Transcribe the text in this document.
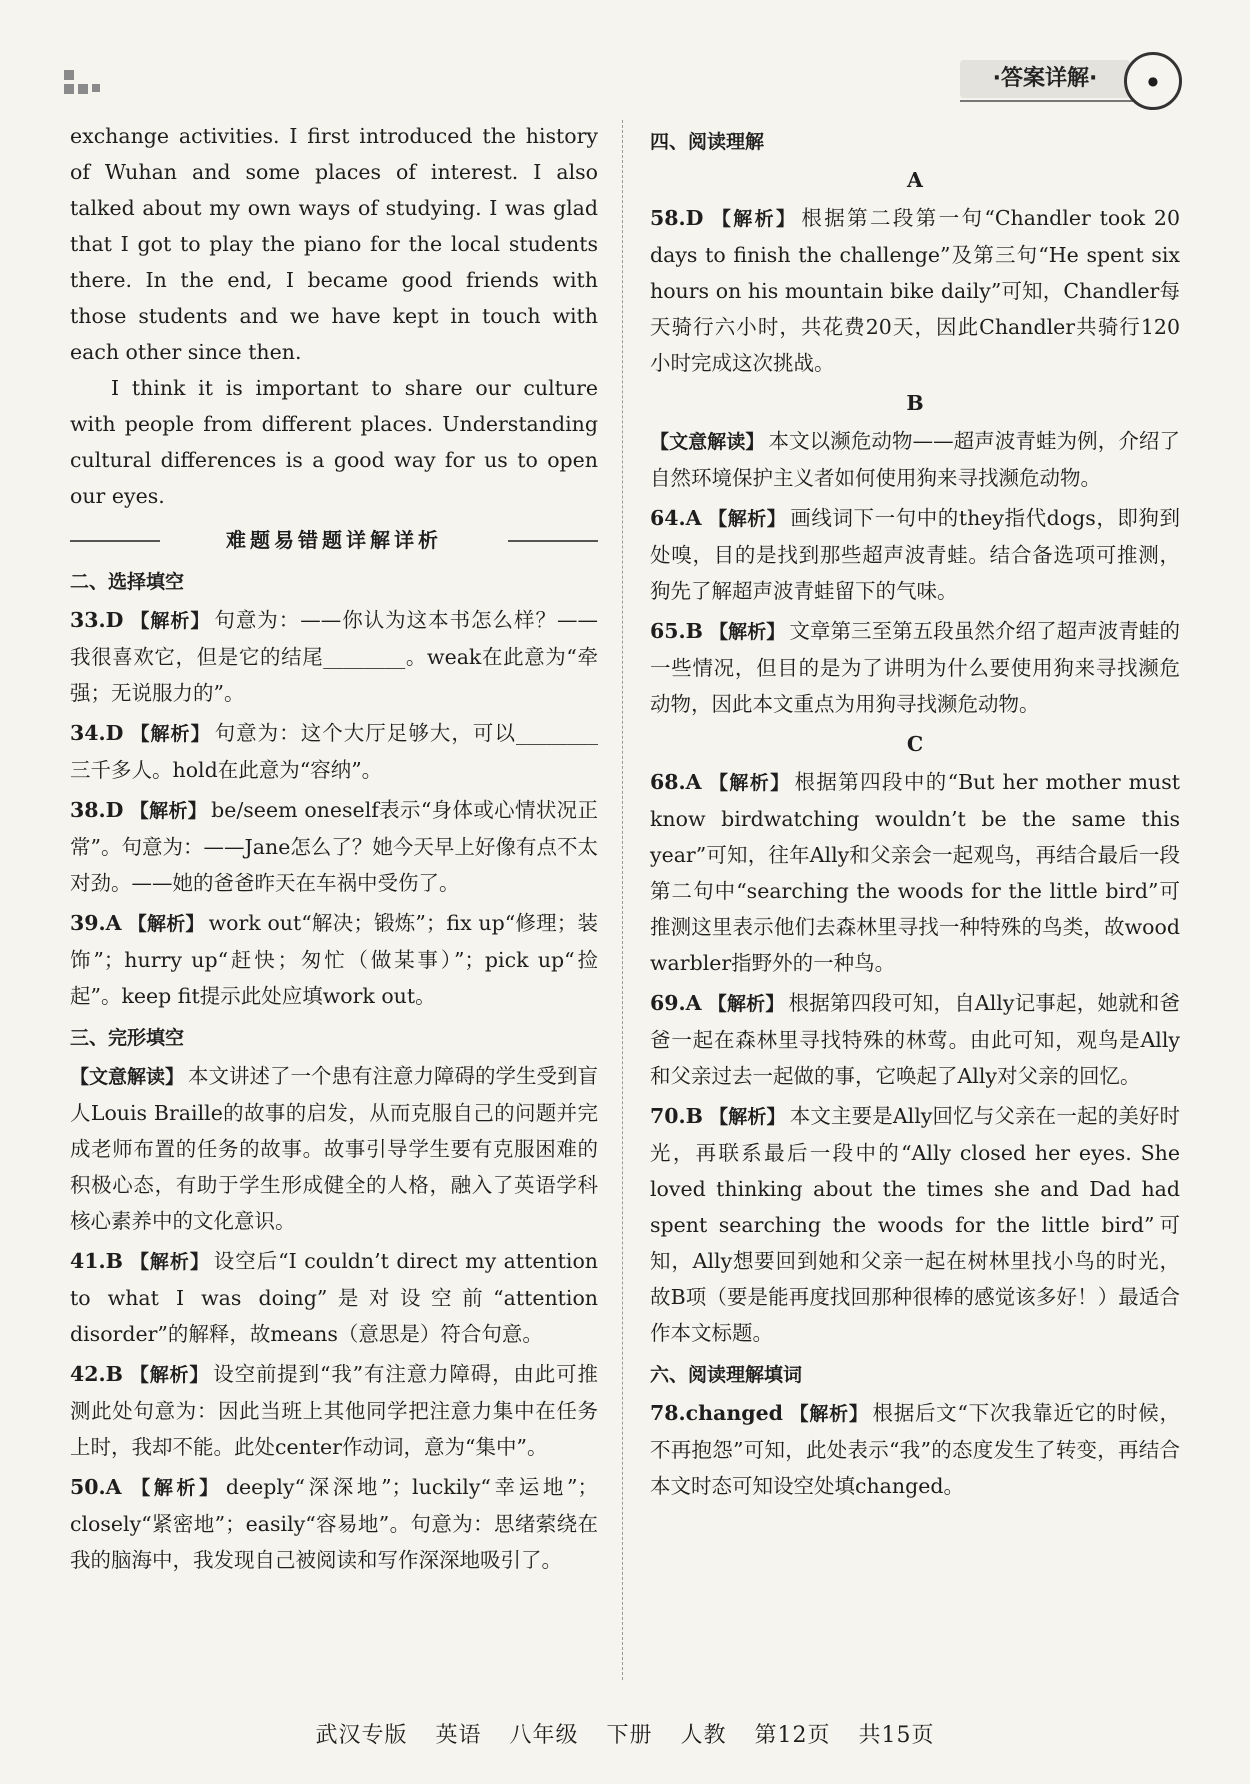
·答案详解·	●

exchange activities. I first introduced the history of Wuhan and some places of interest. I also talked about my own ways of studying. I was glad that I got to play the piano for the local students there. In the end, I became good friends with those students and we have kept in touch with each other since then.

I think it is important to share our culture with people from different places. Understanding cultural differences is a good way for us to open our eyes.

难题易错题详解详析
二、选择填空

33.D 【解析】 句意为：——你认为这本书怎么样？——我很喜欢它，但是它的结尾________。weak在此意为“牵强；无说服力的”。

34.D 【解析】 句意为：这个大厅足够大，可以________三千多人。hold在此意为“容纳”。

38.D 【解析】 be/seem oneself表示“身体或心情状况正常”。句意为：——Jane怎么了？她今天早上好像有点不太对劲。——她的爸爸昨天在车祸中受伤了。

39.A 【解析】 work out“解决；锻炼”；fix up“修理；装饰”；hurry up“赶快；匆忙（做某事）”；pick up“捡起”。keep fit提示此处应填work out。

三、完形填空

【文意解读】 本文讲述了一个患有注意力障碍的学生受到盲人Louis Braille的故事的启发，从而克服自己的问题并完成老师布置的任务的故事。故事引导学生要有克服困难的积极心态，有助于学生形成健全的人格，融入了英语学科核心素养中的文化意识。

41.B 【解析】 设空后“I couldn’t direct my attention to what I was doing”是对设空前“attention disorder”的解释，故means（意思是）符合句意。

42.B 【解析】 设空前提到“我”有注意力障碍，由此可推测此处句意为：因此当班上其他同学把注意力集中在任务上时，我却不能。此处center作动词，意为“集中”。

50.A 【解析】 deeply“深深地”；luckily“幸运地”；closely“紧密地”；easily“容易地”。句意为：思绪萦绕在我的脑海中，我发现自己被阅读和写作深深地吸引了。

四、阅读理解
A

58.D 【解析】 根据第二段第一句“Chandler took 20 days to finish the challenge”及第三句“He spent six hours on his mountain bike daily”可知，Chandler每天骑行六小时，共花费20天，因此Chandler共骑行120小时完成这次挑战。

B

【文意解读】 本文以濒危动物——超声波青蛙为例，介绍了自然环境保护主义者如何使用狗来寻找濒危动物。

64.A 【解析】 画线词下一句中的they指代dogs，即狗到处嗅，目的是找到那些超声波青蛙。结合备选项可推测，狗先了解超声波青蛙留下的气味。

65.B 【解析】 文章第三至第五段虽然介绍了超声波青蛙的一些情况，但目的是为了讲明为什么要使用狗来寻找濒危动物，因此本文重点为用狗寻找濒危动物。

C

68.A 【解析】 根据第四段中的“But her mother must know birdwatching wouldn’t be the same this year”可知，往年Ally和父亲会一起观鸟，再结合最后一段第二句中“searching the woods for the little bird”可推测这里表示他们去森林里寻找一种特殊的鸟类，故wood warbler指野外的一种鸟。

69.A 【解析】 根据第四段可知，自Ally记事起，她就和爸爸一起在森林里寻找特殊的林莺。由此可知，观鸟是Ally和父亲过去一起做的事，它唤起了Ally对父亲的回忆。

70.B 【解析】 本文主要是Ally回忆与父亲在一起的美好时光，再联系最后一段中的“Ally closed her eyes. She loved thinking about the times she and Dad had spent searching the woods for the little bird”可知，Ally想要回到她和父亲一起在树林里找小鸟的时光，故B项（要是能再度找回那种很棒的感觉该多好！）最适合作本文标题。

六、阅读理解填词

78.changed 【解析】 根据后文“下次我靠近它的时候，不再抱怨”可知，此处表示“我”的态度发生了转变，再结合本文时态可知设空处填changed。

武汉专版 英语 八年级 下册 人教 第12页 共15页
